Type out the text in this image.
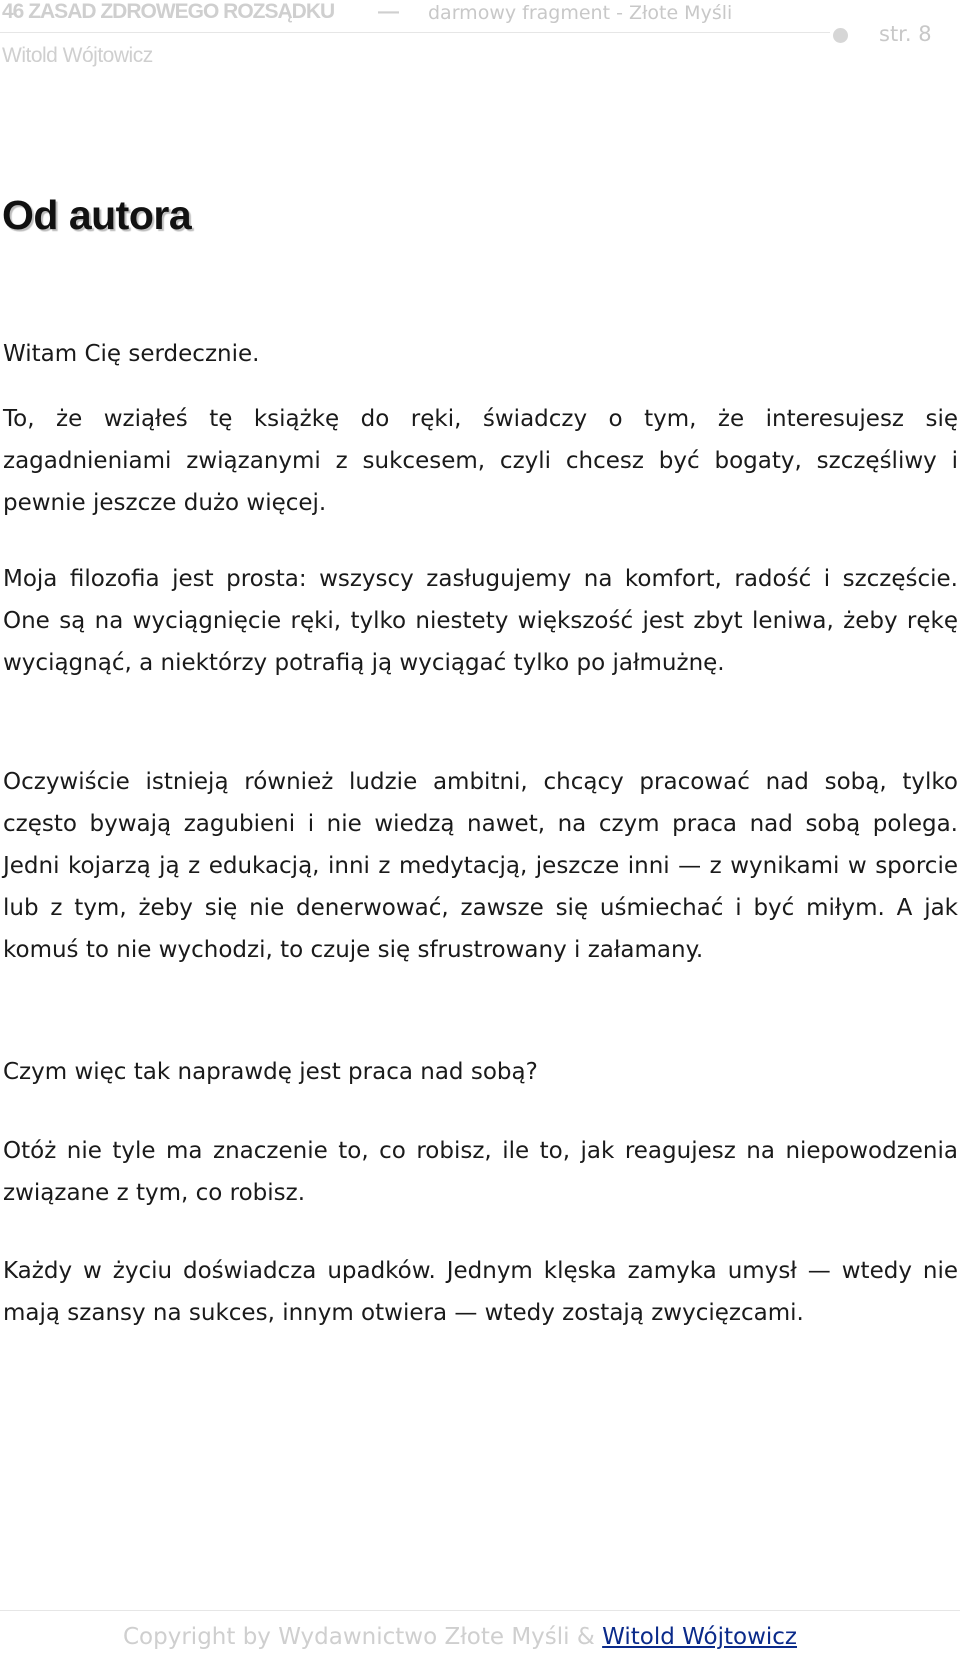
46 ZASAD ZDROWEGO ROZSĄDKU — darmowy fragment - Złote Myśli
Witold Wójtowicz
str. 8
Od autora

Witam Cię serdecznie.

To, że wziąłeś tę książkę do ręki, świadczy o tym, że interesujesz się zagadnieniami związanymi z sukcesem, czyli chcesz być bogaty, szczęśliwy i pewnie jeszcze dużo więcej.

Moja filozofia jest prosta: wszyscy zasługujemy na komfort, radość i szczęście. One są na wyciągnięcie ręki, tylko niestety większość jest zbyt leniwa, żeby rękę wyciągnąć, a niektórzy potrafią ją wyciągać tylko po jałmużnę.

Oczywiście istnieją również ludzie ambitni, chcący pracować nad sobą, tylko często bywają zagubieni i nie wiedzą nawet, na czym praca nad sobą polega. Jedni kojarzą ją z edukacją, inni z medytacją, jeszcze inni — z wynikami w sporcie lub z tym, żeby się nie denerwować, zawsze się uśmiechać i być miłym. A jak komuś to nie wychodzi, to czuje się sfrustrowany i załamany.

Czym więc tak naprawdę jest praca nad sobą?

Otóż nie tyle ma znaczenie to, co robisz, ile to, jak reagujesz na niepowodzenia związane z tym, co robisz.

Każdy w życiu doświadcza upadków. Jednym klęska zamyka umysł — wtedy nie mają szansy na sukces, innym otwiera — wtedy zostają zwycięzcami.

Copyright by Wydawnictwo Złote Myśli & Witold Wójtowicz
